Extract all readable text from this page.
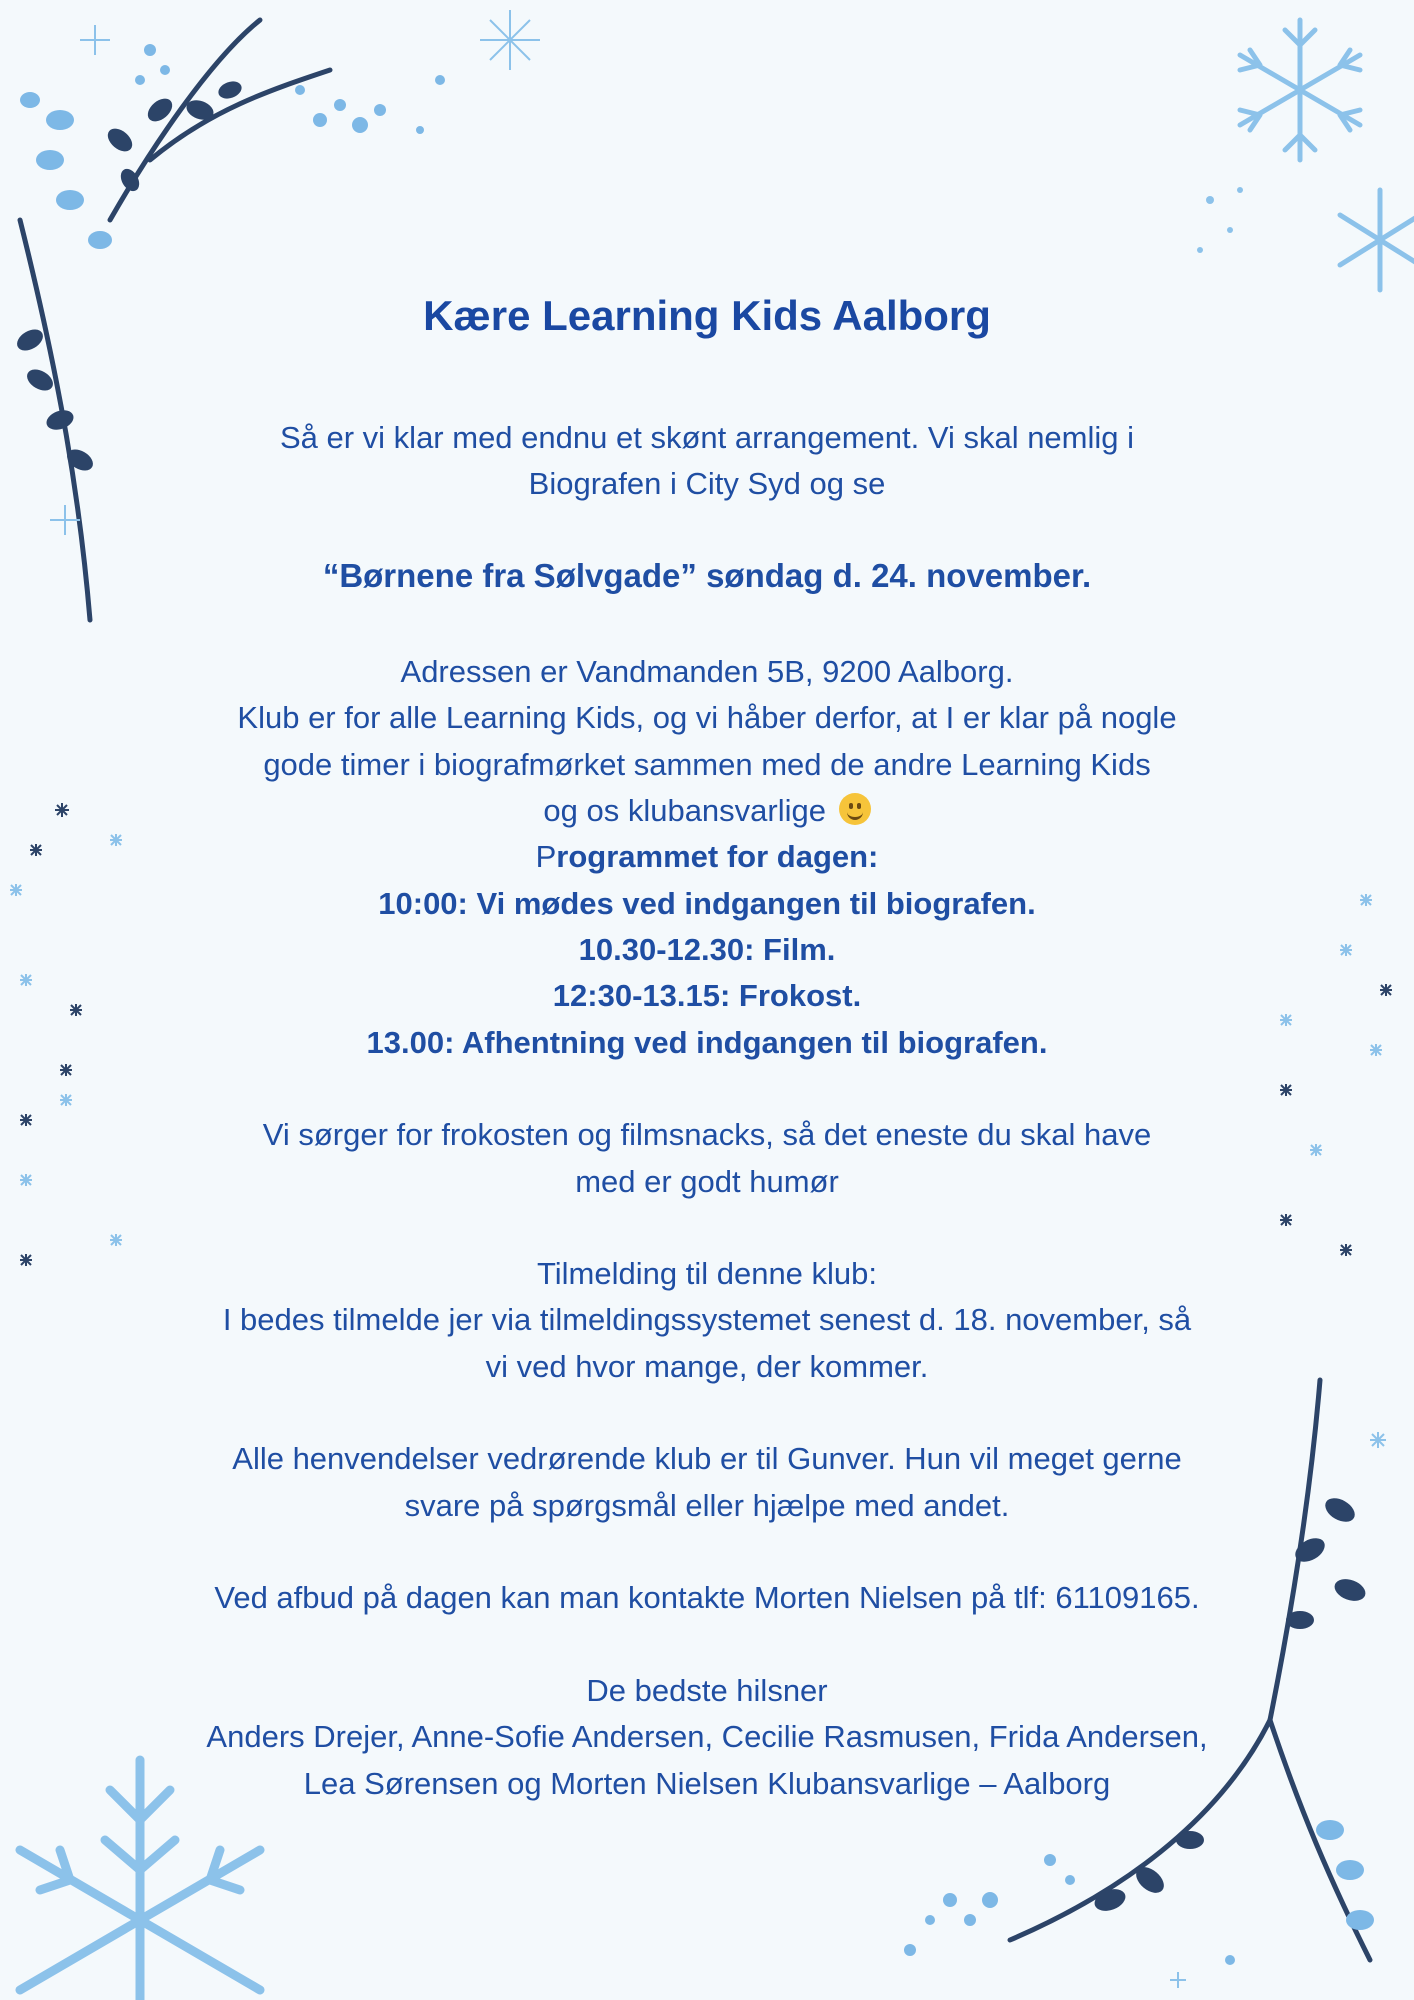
Kære Learning Kids Aalborg
Så er vi klar med endnu et skønt arrangement. Vi skal nemlig i
Biografen i City Syd og se
“Børnene fra Sølvgade” søndag d. 24. november.
Adressen er Vandmanden 5B, 9200 Aalborg.
Klub er for alle Learning Kids, og vi håber derfor, at I er klar på nogle
gode timer i biografmørket sammen med de andre Learning Kids
og os klubansvarlige
Programmet for dagen:
10:00: Vi mødes ved indgangen til biografen.
10.30-12.30: Film.
12:30-13.15: Frokost.
13.00: Afhentning ved indgangen til biografen.
Vi sørger for frokosten og filmsnacks, så det eneste du skal have
med er godt humør
Tilmelding til denne klub:
I bedes tilmelde jer via tilmeldingssystemet senest d. 18. november, så
vi ved hvor mange, der kommer.
Alle henvendelser vedrørende klub er til Gunver. Hun vil meget gerne
svare på spørgsmål eller hjælpe med andet.
Ved afbud på dagen kan man kontakte Morten Nielsen på tlf: 61109165.
De bedste hilsner
Anders Drejer, Anne-Sofie Andersen, Cecilie Rasmusen, Frida Andersen,
Lea Sørensen og Morten Nielsen Klubansvarlige – Aalborg
